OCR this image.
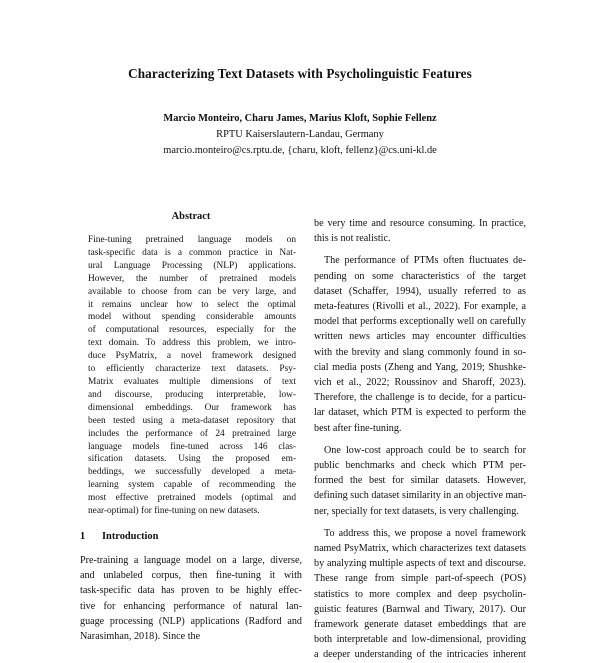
Characterizing Text Datasets with Psycholinguistic Features
Marcio Monteiro, Charu James, Marius Kloft, Sophie Fellenz
RPTU Kaiserslautern-Landau, Germany
marcio.monteiro@cs.rptu.de, {charu, kloft, fellenz}@cs.uni-kl.de
Abstract
Fine-tuning pretrained language models on
task-specific data is a common practice in Nat-
ural Language Processing (NLP) applications.
However, the number of pretrained models
available to choose from can be very large, and
it remains unclear how to select the optimal
model without spending considerable amounts
of computational resources, especially for the
text domain. To address this problem, we intro-
duce PsyMatrix, a novel framework designed
to efficiently characterize text datasets. Psy-
Matrix evaluates multiple dimensions of text
and discourse, producing interpretable, low-
dimensional embeddings. Our framework has
been tested using a meta-dataset repository that
includes the performance of 24 pretrained large
language models fine-tuned across 146 clas-
sification datasets. Using the proposed em-
beddings, we successfully developed a meta-
learning system capable of recommending the
most effective pretrained models (optimal and
near-optimal) for fine-tuning on new datasets.
1 Introduction
Pre-training a language model on a large, diverse,
and unlabeled corpus, then fine-tuning it with
task-specific data has proven to be highly effec-
tive for enhancing performance of natural lan-
guage processing (NLP) applications (Radford and
Narasimhan, 2018). Since the
be very time and resource consuming. In practice,
this is not realistic.
The performance of PTMs often fluctuates de-
pending on some characteristics of the target
dataset (Schaffer, 1994), usually referred to as
meta-features (Rivolli et al., 2022). For example, a
model that performs exceptionally well on carefully
written news articles may encounter difficulties
with the brevity and slang commonly found in so-
cial media posts (Zheng and Yang, 2019; Shushke-
vich et al., 2022; Roussinov and Sharoff, 2023).
Therefore, the challenge is to decide, for a particu-
lar dataset, which PTM is expected to perform the
best after fine-tuning.
One low-cost approach could be to search for
public benchmarks and check which PTM per-
formed the best for similar datasets. However,
defining such dataset similarity in an objective man-
ner, specially for text datasets, is very challenging.
To address this, we propose a novel framework
named PsyMatrix, which characterizes text datasets
by analyzing multiple aspects of text and discourse.
These range from simple part-of-speech (POS)
statistics to more complex and deep psycholin-
guistic features (Barnwal and Tiwary, 2017). Our
framework generate dataset embeddings that are
both interpretable and low-dimensional, providing
a deeper understanding of the intricacies inherent
